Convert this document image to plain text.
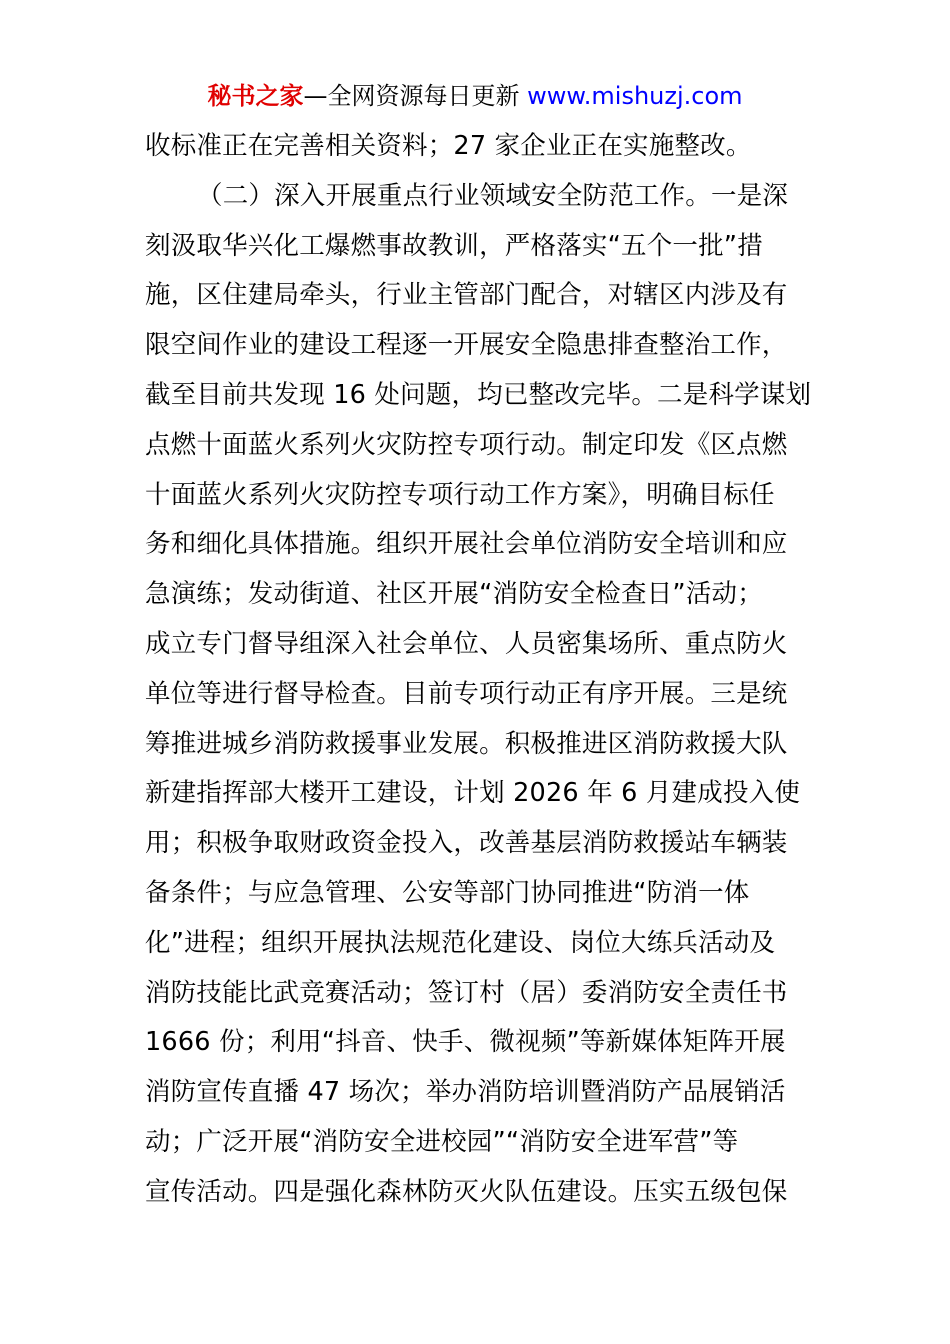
秘书之家—全网资源每日更新 www.mishuzj.com
收标准正在完善相关资料；27 家企业正在实施整改。
（二）深入开展重点行业领域安全防范工作。一是深
刻汲取华兴化工爆燃事故教训，严格落实“五个一批”措
施，区住建局牵头，行业主管部门配合，对辖区内涉及有
限空间作业的建设工程逐一开展安全隐患排查整治工作，
截至目前共发现 16 处问题，均已整改完毕。二是科学谋划
点燃十面蓝火系列火灾防控专项行动。制定印发《区点燃
十面蓝火系列火灾防控专项行动工作方案》，明确目标任
务和细化具体措施。组织开展社会单位消防安全培训和应
急演练；发动街道、社区开展“消防安全检查日”活动；
成立专门督导组深入社会单位、人员密集场所、重点防火
单位等进行督导检查。目前专项行动正有序开展。三是统
筹推进城乡消防救援事业发展。积极推进区消防救援大队
新建指挥部大楼开工建设，计划 2026 年 6 月建成投入使
用；积极争取财政资金投入，改善基层消防救援站车辆装
备条件；与应急管理、公安等部门协同推进“防消一体
化”进程；组织开展执法规范化建设、岗位大练兵活动及
消防技能比武竞赛活动；签订村（居）委消防安全责任书
1666 份；利用“抖音、快手、微视频”等新媒体矩阵开展
消防宣传直播 47 场次；举办消防培训暨消防产品展销活
动；广泛开展“消防安全进校园”“消防安全进军营”等
宣传活动。四是强化森林防灭火队伍建设。压实五级包保
